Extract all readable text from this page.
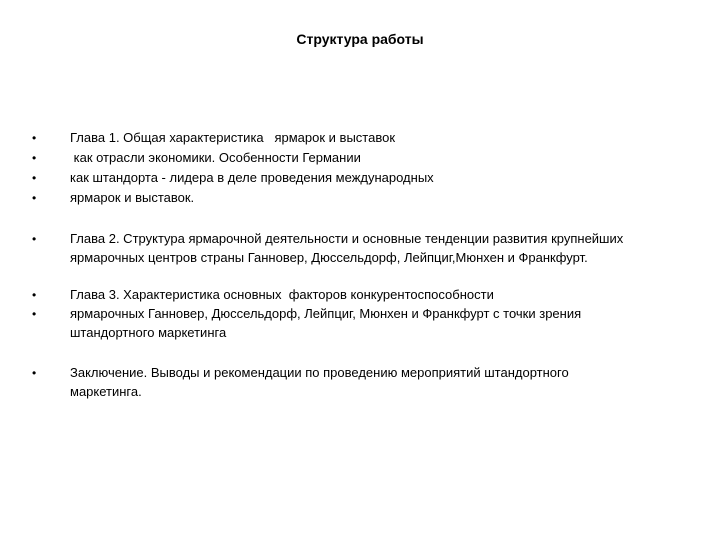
Структура работы
•	Глава 1. Общая характеристика   ярмарок и выставок
•	как отрасли экономики. Особенности Германии
•	как штандорта - лидера в деле проведения международных
•	ярмарок и выставок.
•	Глава 2. Структура ярмарочной деятельности и основные тенденции развития крупнейших
ярмарочных центров страны Ганновер, Дюссельдорф, Лейпциг,Мюнхен и Франкфурт.
•	Глава 3. Характеристика основных  факторов конкурентоспособности
•	ярмарочных Ганновер, Дюссельдорф, Лейпциг, Мюнхен и Франкфурт с точки зрения
штандортного маркетинга
•	Заключение. Выводы и рекомендации по проведению мероприятий штандортного
маркетинга.
